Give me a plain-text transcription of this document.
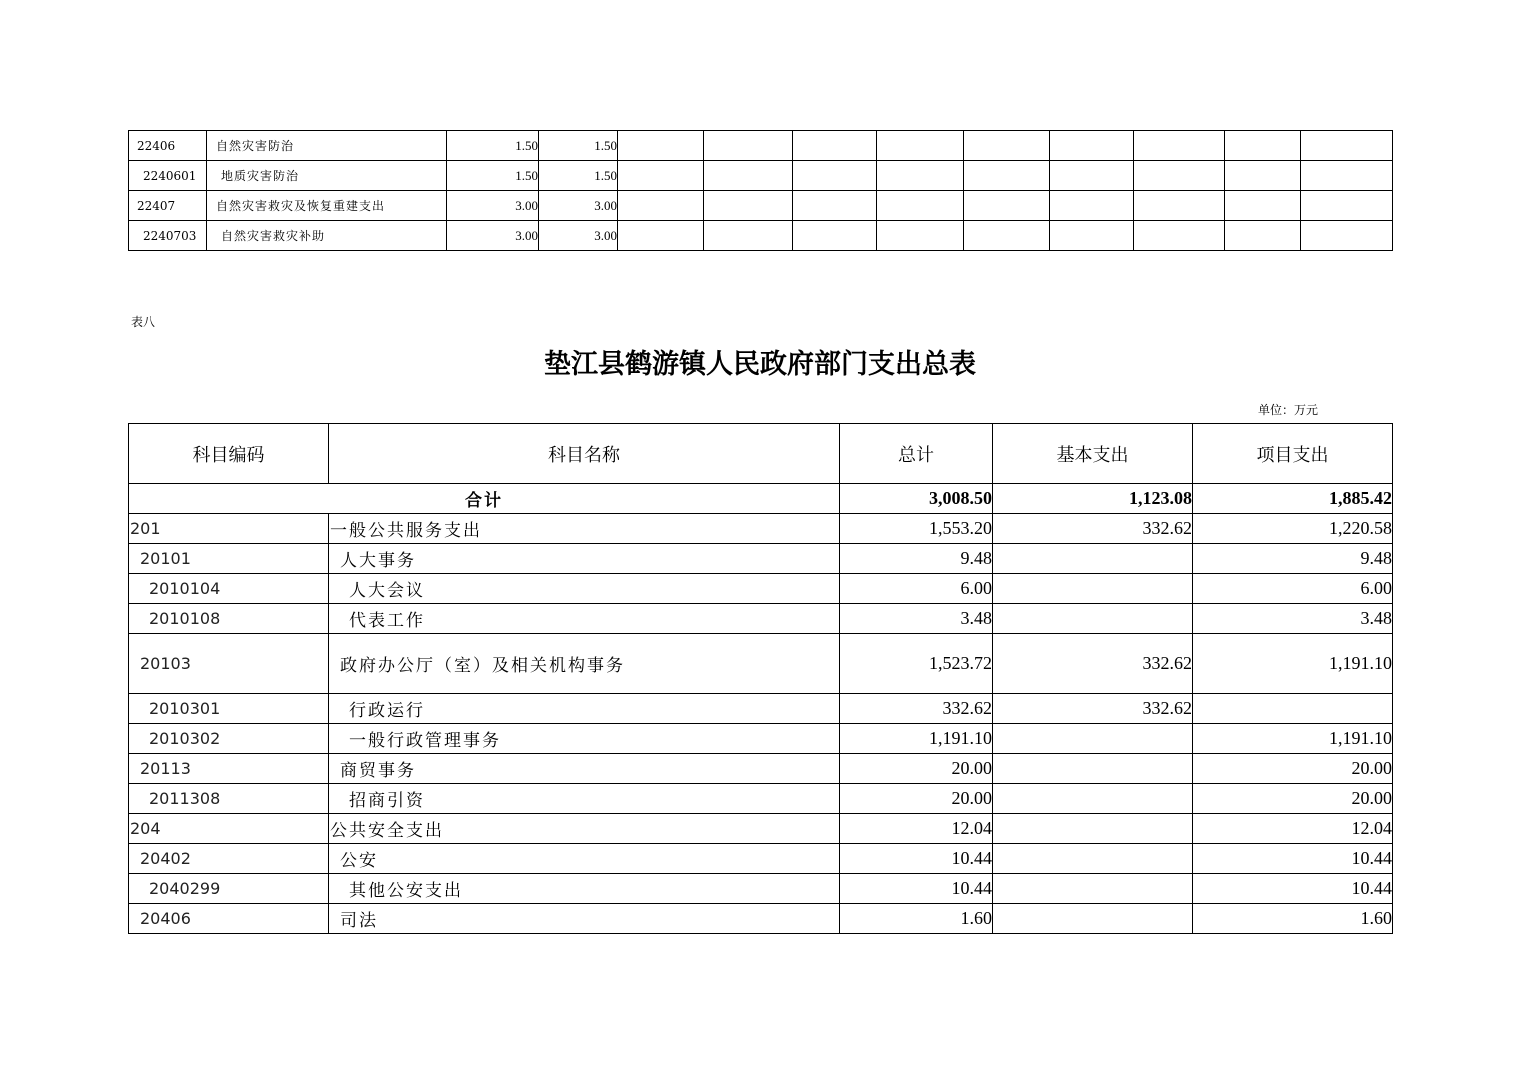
22406	自然灾害防治	1.50	1.50									
2240601	地质灾害防治	1.50	1.50									
22407	自然灾害救灾及恢复重建支出	3.00	3.00									
2240703	自然灾害救灾补助	3.00	3.00									
表八
垫江县鹤游镇人民政府部门支出总表
单位：万元
科目编码	科目名称	总计	基本支出	项目支出
合计		3,008.50	1,123.08	1,885.42
201	一般公共服务支出	1,553.20	332.62	1,220.58
20101	人大事务	9.48		9.48
2010104	人大会议	6.00		6.00
2010108	代表工作	3.48		3.48
20103	政府办公厅（室）及相关机构事务	1,523.72	332.62	1,191.10
2010301	行政运行	332.62	332.62	
2010302	一般行政管理事务	1,191.10		1,191.10
20113	商贸事务	20.00		20.00
2011308	招商引资	20.00		20.00
204	公共安全支出	12.04		12.04
20402	公安	10.44		10.44
2040299	其他公安支出	10.44		10.44
20406	司法	1.60		1.60
